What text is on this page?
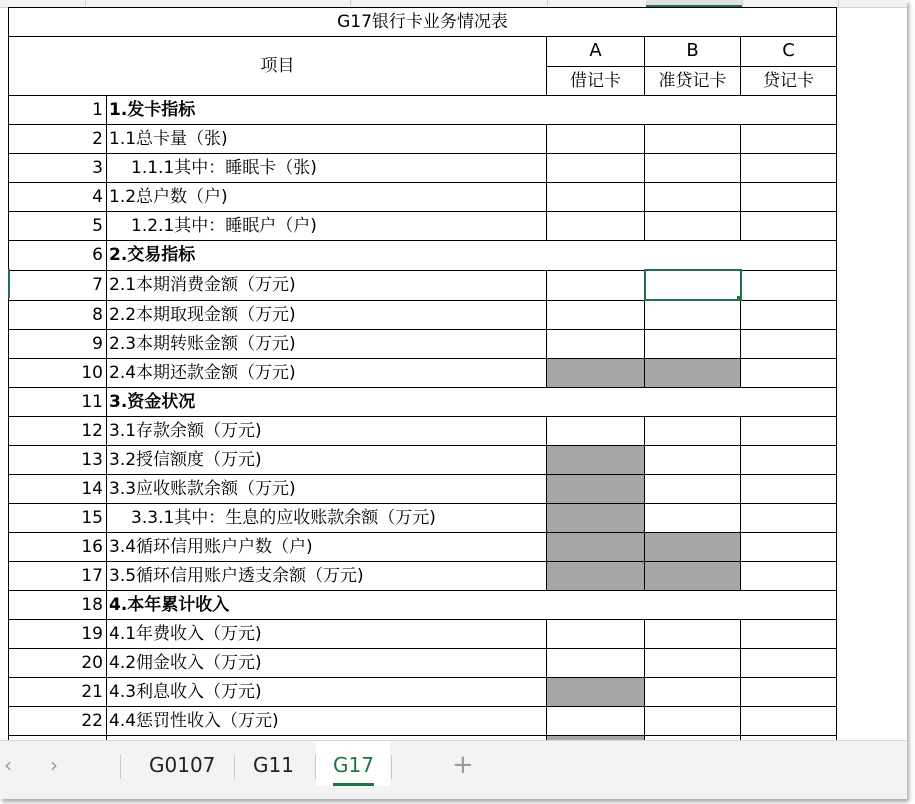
G17银行卡业务情况表					
项目		A	B	C	
		借记卡	准贷记卡	贷记卡	
1	1.发卡指标				
2	1.1总卡量（张)				
3	1.1.1其中：睡眠卡（张)				
4	1.2总户数（户)				
5	1.2.1其中：睡眠户（户)				
6	2.交易指标				
7	2.1本期消费金额（万元)		

8	2.2本期取现金额（万元)				
9	2.3本期转账金额（万元)				
10	2.4本期还款金额（万元)				
11	3.资金状况				
12	3.1存款余额（万元)				
13	3.2授信额度（万元)				
14	3.3应收账款余额（万元)				
15	3.3.1其中：生息的应收账款余额（万元)				
16	3.4循环信用账户户数（户)				
17	3.5循环信用账户透支余额（万元)				
18	4.本年累计收入				
19	4.1年费收入（万元)				
20	4.2佣金收入（万元)				
21	4.3利息收入（万元)				
22	4.4惩罚性收入（万元)				

‹ ›	G0107 G11 G17	+
